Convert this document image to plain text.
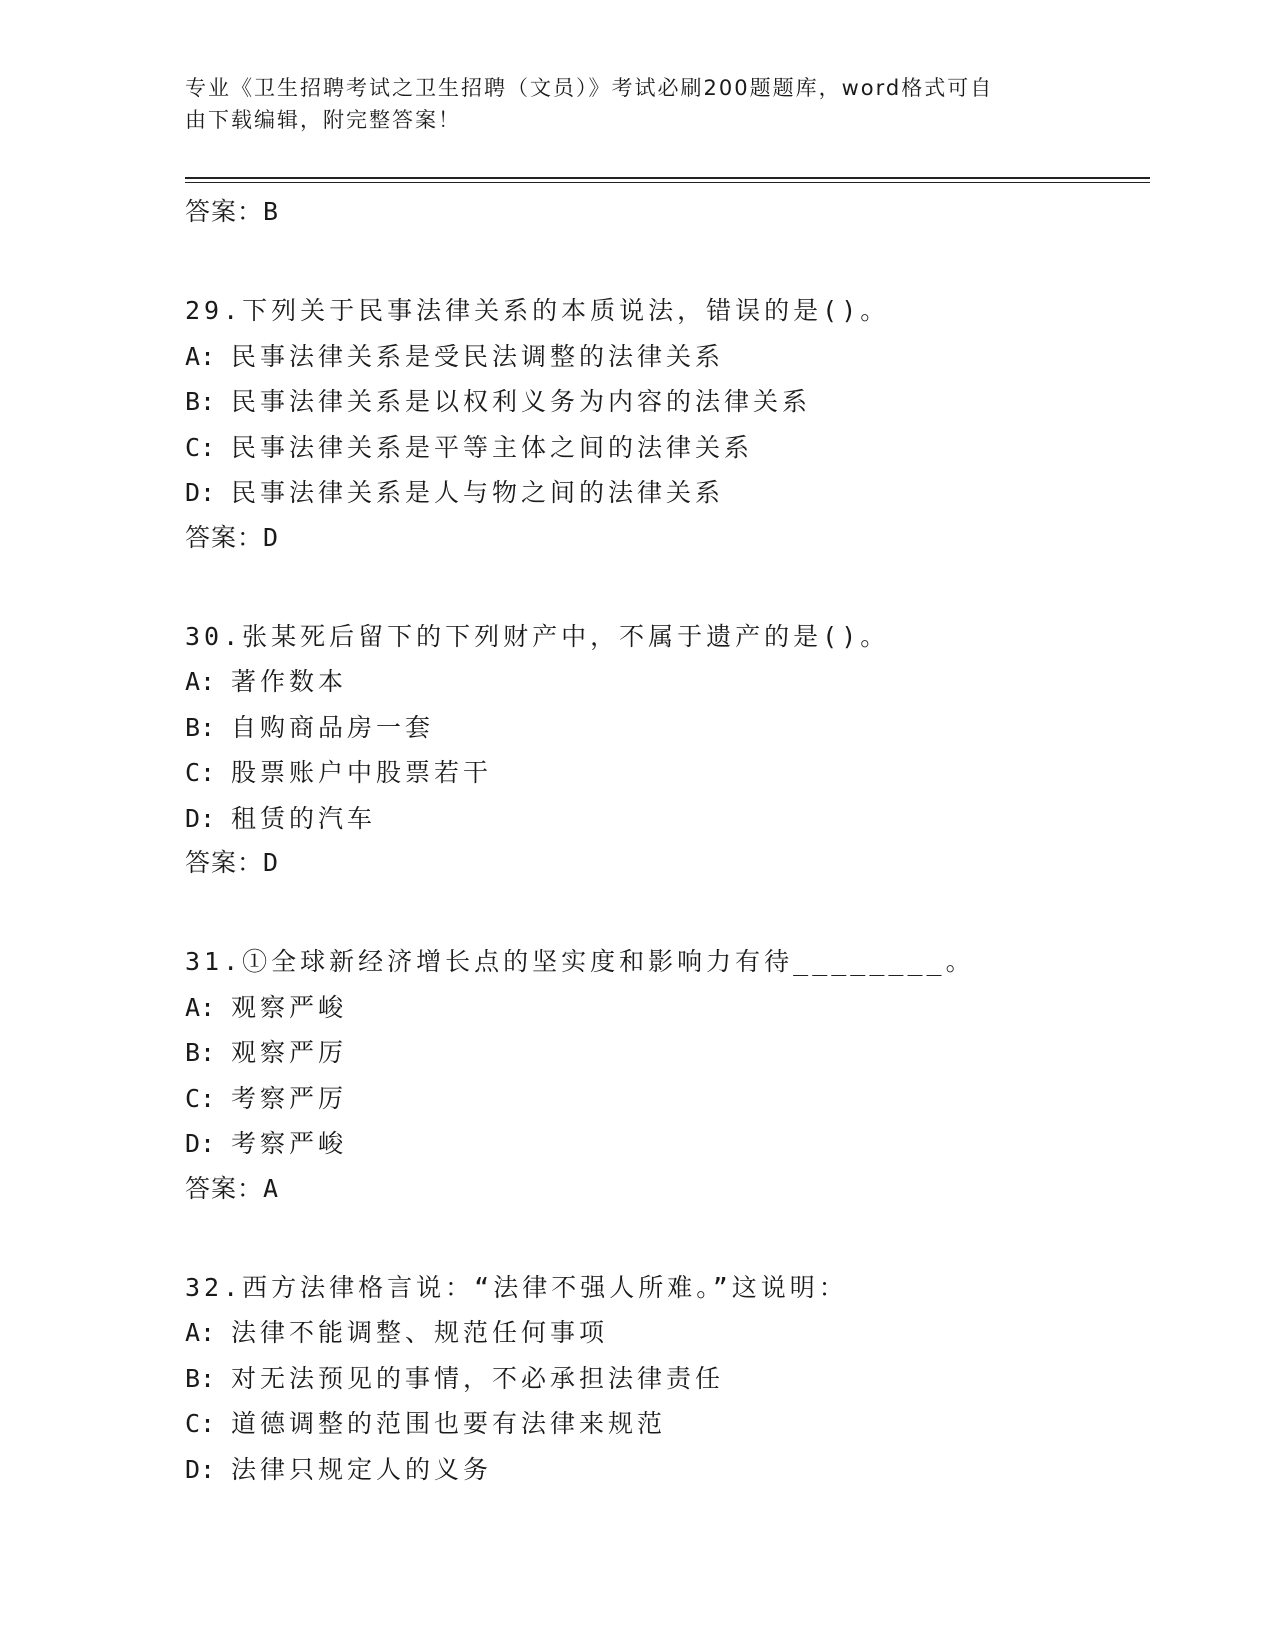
专业《卫生招聘考试之卫生招聘（文员）》考试必刷200题题库，word格式可自
由下载编辑，附完整答案！
答案：B
29.下列关于民事法律关系的本质说法，错误的是()。
A: 民事法律关系是受民法调整的法律关系
B: 民事法律关系是以权利义务为内容的法律关系
C: 民事法律关系是平等主体之间的法律关系
D: 民事法律关系是人与物之间的法律关系
答案：D
30.张某死后留下的下列财产中，不属于遗产的是()。
A: 著作数本
B: 自购商品房一套
C: 股票账户中股票若干
D: 租赁的汽车
答案：D
31.①全球新经济增长点的坚实度和影响力有待________。
A: 观察严峻
B: 观察严厉
C: 考察严厉
D: 考察严峻
答案：A
32.西方法律格言说：“法律不强人所难。”这说明：
A: 法律不能调整、规范任何事项
B: 对无法预见的事情，不必承担法律责任
C: 道德调整的范围也要有法律来规范
D: 法律只规定人的义务
